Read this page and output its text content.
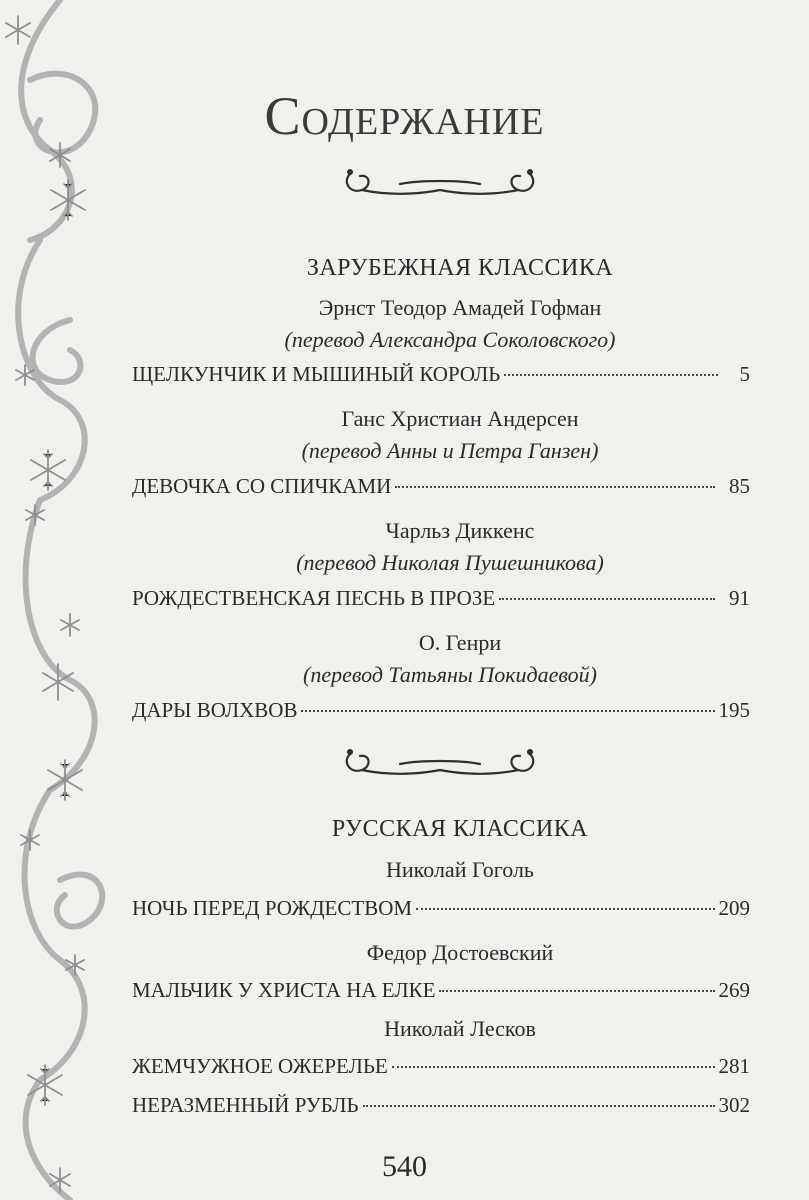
Содержание
ЗАРУБЕЖНАЯ КЛАССИКА
Эрнст Теодор Амадей Гофман
(перевод Александра Соколовского)
ЩЕЛКУНЧИК И МЫШИНЫЙ КОРОЛЬ	5
Ганс Христиан Андерсен
(перевод Анны и Петра Ганзен)
ДЕВОЧКА СО СПИЧКАМИ	85
Чарльз Диккенс
(перевод Николая Пушешникова)
РОЖДЕСТВЕНСКАЯ ПЕСНЬ В ПРОЗЕ	91
О. Генри
(перевод Татьяны Покидаевой)
ДАРЫ ВОЛХВОВ	195
РУССКАЯ КЛАССИКА
Николай Гоголь
НОЧЬ ПЕРЕД РОЖДЕСТВОМ	209
Федор Достоевский
МАЛЬЧИК У ХРИСТА НА ЕЛКЕ	269
Николай Лесков
ЖЕМЧУЖНОЕ ОЖЕРЕЛЬЕ	281
НЕРАЗМЕННЫЙ РУБЛЬ	302
540
